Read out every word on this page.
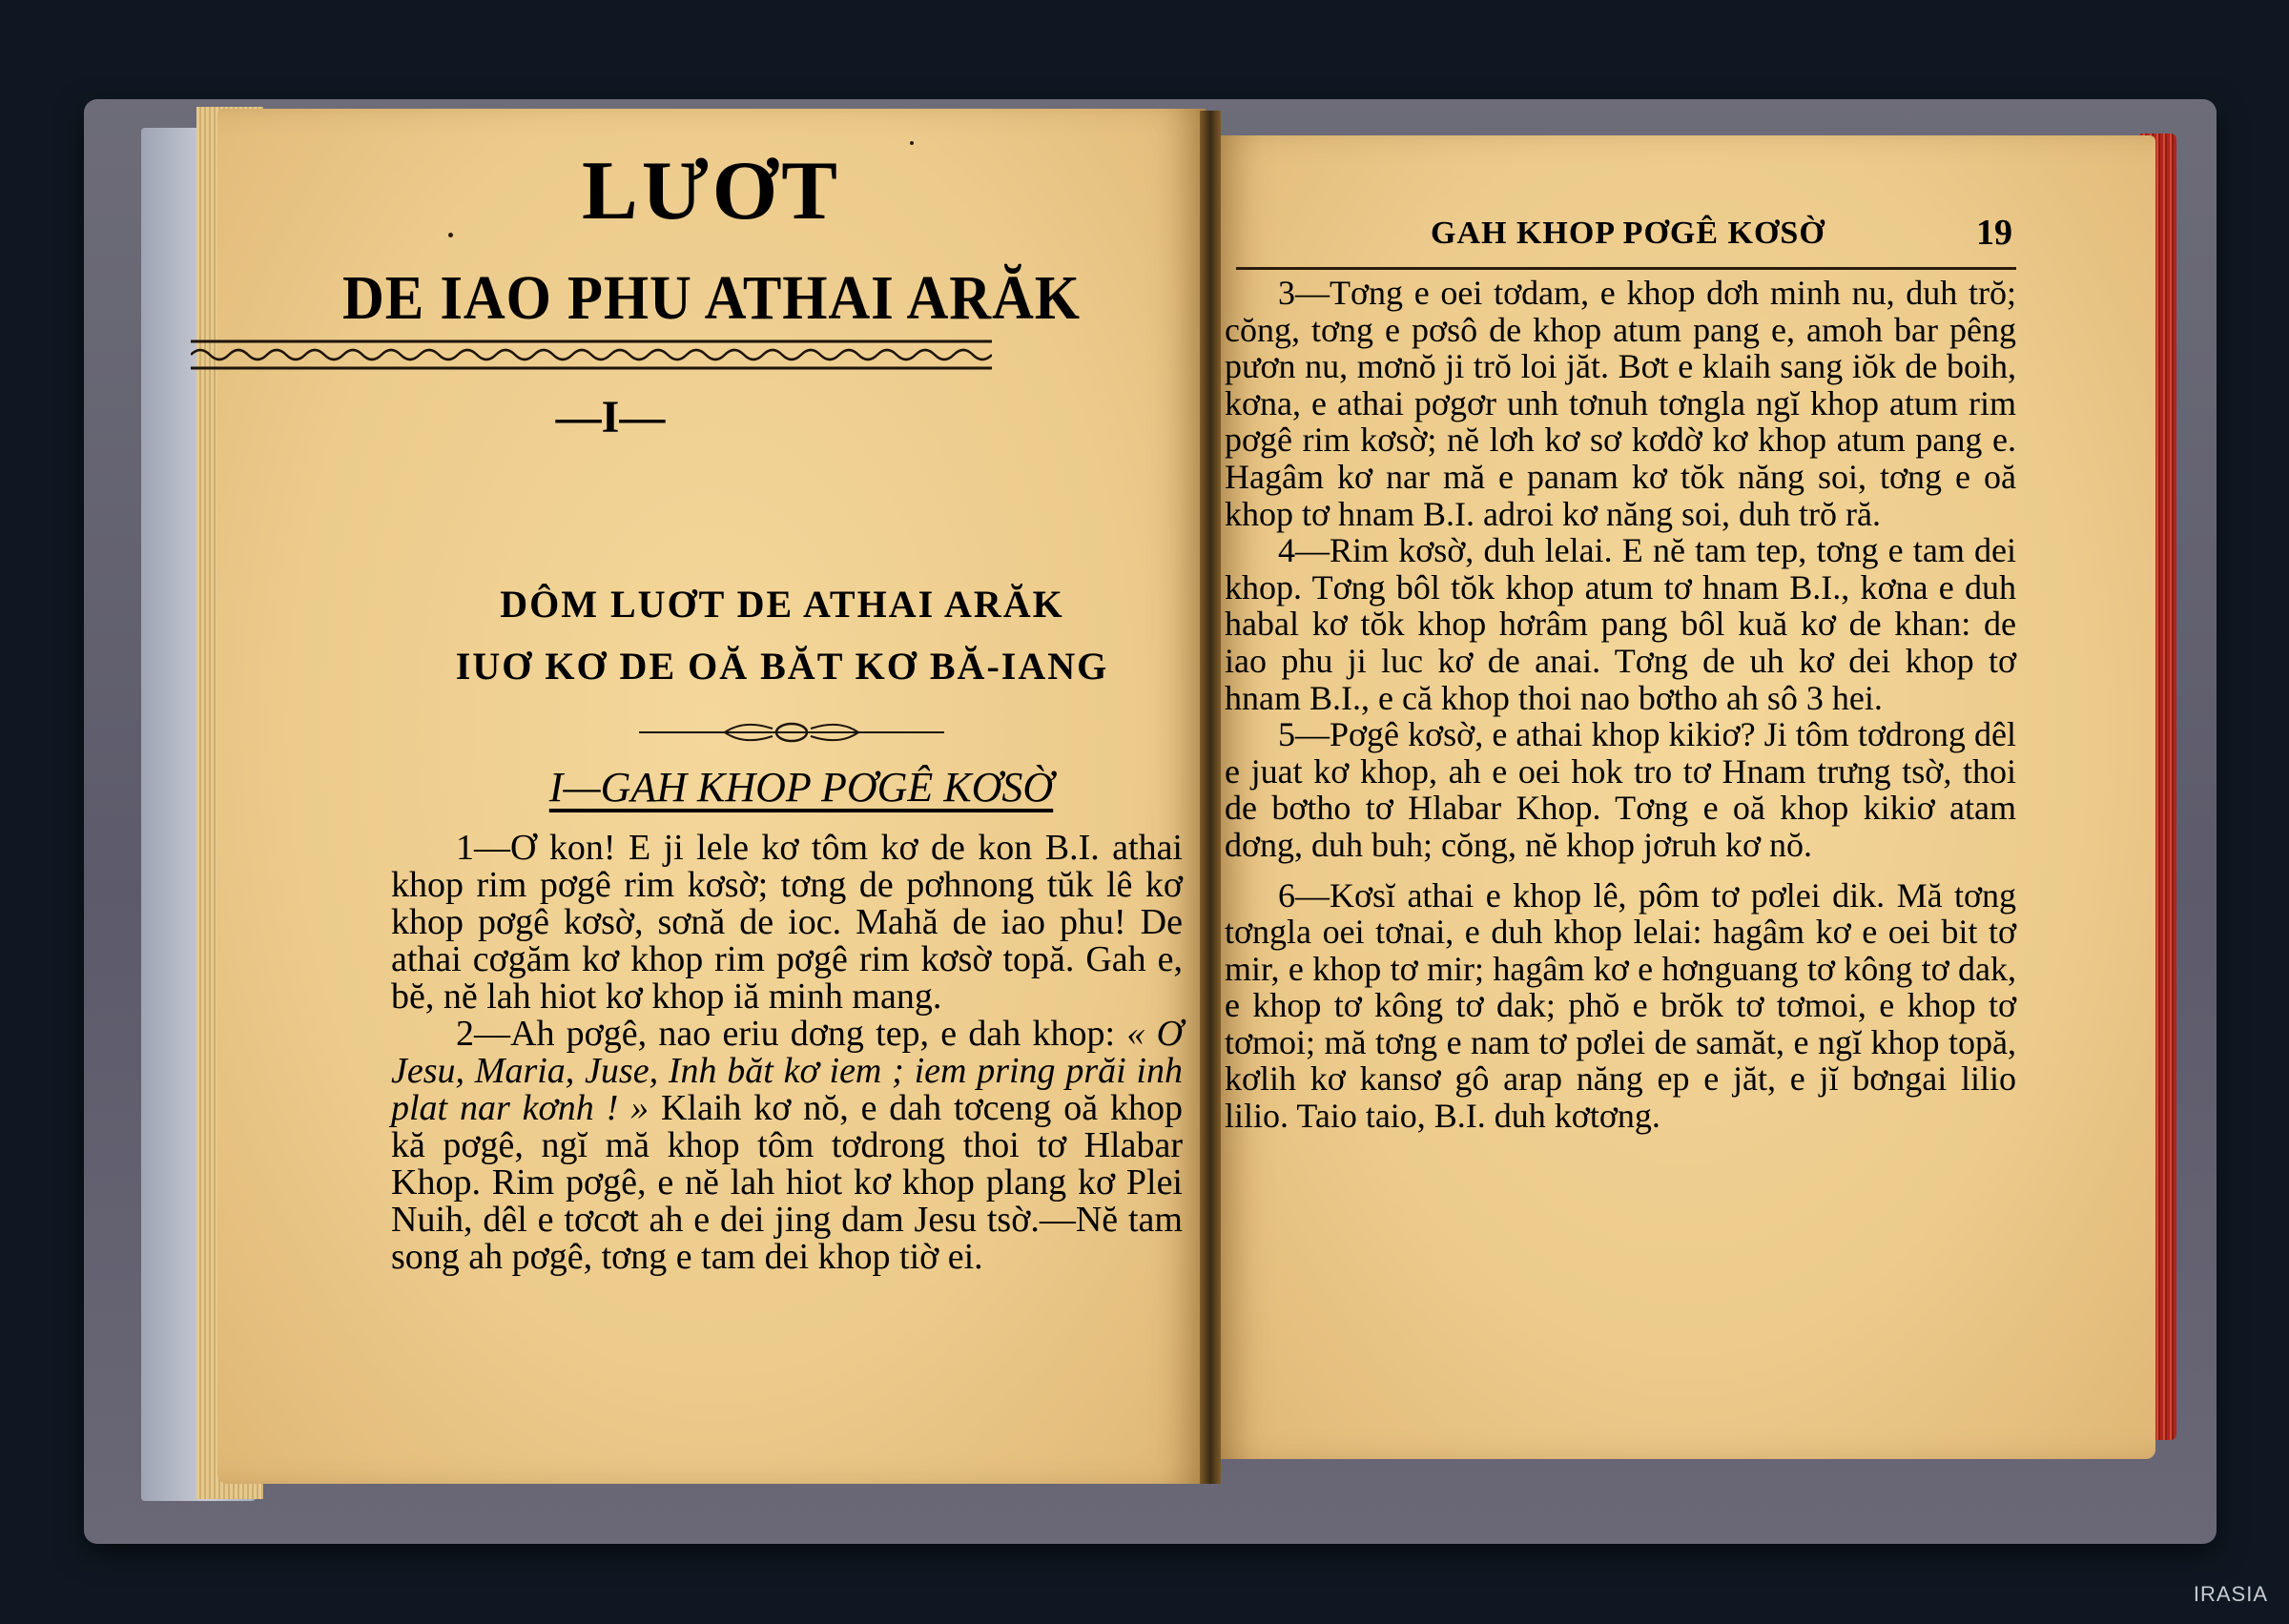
LƯƠT
DE IAO PHU ATHAI ARĂK
—I—
DÔM LUƠT DE ATHAI ARĂK
IUƠ KƠ DE OĂ BĂT KƠ BĂ-IANG
I—GAH KHOP PƠGÊ KƠSỜ

1—Ơ kon! E ji lele kơ tôm kơ de kon B.I. athai khop rim pơgê rim kơsờ; tơng de pơhnong tŭk lê kơ khop pơgê kơsờ, sơnă de ioc. Mahă de iao phu! De athai cơgăm kơ khop rim pơgê rim kơsờ topă. Gah e, bĕ, nĕ lah hiot kơ khop iă minh mang.

2—Ah pơgê, nao eriu dơng tep, e dah khop: « Ơ Jesu, Maria, Juse, Inh băt kơ iem ; iem pring prăi inh plat nar kơnh ! » Klaih kơ nŏ, e dah tơceng oă khop kă pơgê, ngĭ mă khop tôm tơdrong thoi tơ Hlabar Khop. Rim pơgê, e nĕ lah hiot kơ khop plang kơ Plei Nuih, dêl e tơcơt ah e dei jing dam Jesu tsờ.—Nĕ tam song ah pơgê, tơng e tam dei khop tiờ ei.

GAH KHOP PƠGÊ KƠSỜ	19

3—Tơng e oei tơdam, e khop dơh minh nu, duh trŏ; cŏng, tơng e pơsô de khop atum pang e, amoh bar pêng pươn nu, mơnŏ ji trŏ loi jăt. Bơt e klaih sang iŏk de boih, kơna, e athai pơgơr unh tơnuh tơngla ngĭ khop atum rim pơgê rim kơsờ; nĕ lơh kơ sơ kơdờ kơ khop atum pang e. Hagâm kơ nar mă e panam kơ tŏk năng soi, tơng e oă khop tơ hnam B.I. adroi kơ năng soi, duh trŏ ră.

4—Rim kơsờ, duh lelai. E nĕ tam tep, tơng e tam dei khop. Tơng bôl tŏk khop atum tơ hnam B.I., kơna e duh habal kơ tŏk khop hơrâm pang bôl kuă kơ de khan: de iao phu ji luc kơ de anai. Tơng de uh kơ dei khop tơ hnam B.I., e că khop thoi nao bơtho ah sô 3 hei.

5—Pơgê kơsờ, e athai khop kikiơ? Ji tôm tơdrong dêl e juat kơ khop, ah e oei hok tro tơ Hnam trưng tsờ, thoi de bơtho tơ Hlabar Khop. Tơng e oă khop kikiơ atam dơng, duh buh; cŏng, nĕ khop jơruh kơ nŏ.

6—Kơsĭ athai e khop lê, pôm tơ pơlei dik. Mă tơng tơngla oei tơnai, e duh khop lelai: hagâm kơ e oei bit tơ mir, e khop tơ mir; hagâm kơ e hơnguang tơ kông tơ dak, e khop tơ kông tơ dak; phŏ e brŏk tơ tơmoi, e khop tơ tơmoi; mă tơng e nam tơ pơlei de samăt, e ngĭ khop topă, kơlih kơ kansơ gô arap năng ep e jăt, e jĭ bơngai lilio lilio. Taio taio, B.I. duh kơtơng.

IRASIA
